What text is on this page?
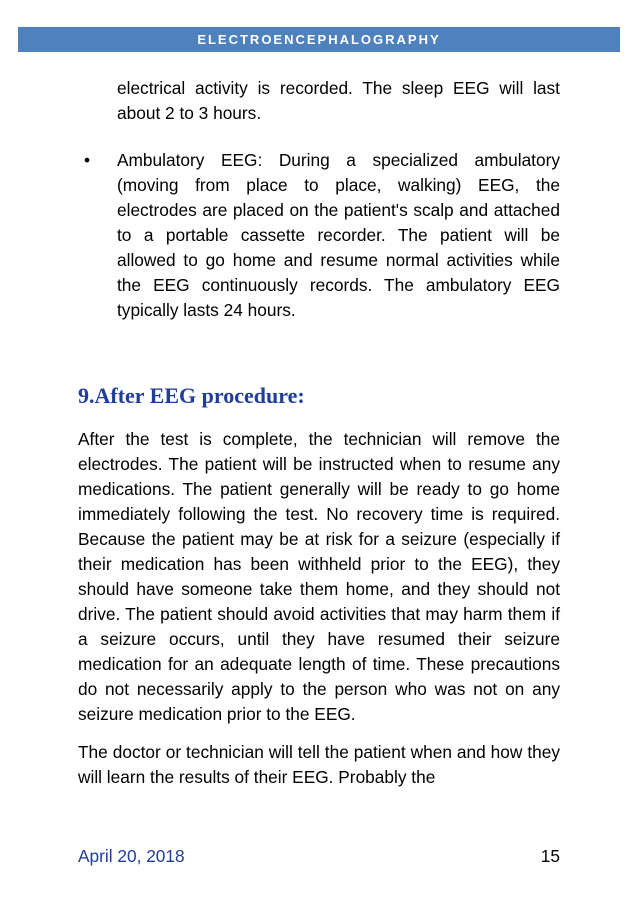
ELECTROENCEPHALOGRAPHY

electrical activity is recorded. The sleep EEG will last about 2 to 3 hours.

• Ambulatory EEG: During a specialized ambulatory (moving from place to place, walking) EEG, the electrodes are placed on the patient's scalp and attached to a portable cassette recorder. The patient will be allowed to go home and resume normal activities while the EEG continuously records. The ambulatory EEG typically lasts 24 hours.

9.After EEG procedure:

After the test is complete, the technician will remove the electrodes. The patient will be instructed when to resume any medications. The patient generally will be ready to go home immediately following the test. No recovery time is required. Because the patient may be at risk for a seizure (especially if their medication has been withheld prior to the EEG), they should have someone take them home, and they should not drive. The patient should avoid activities that may harm them if a seizure occurs, until they have resumed their seizure medication for an adequate length of time. These precautions do not necessarily apply to the person who was not on any seizure medication prior to the EEG.

The doctor or technician will tell the patient when and how they will learn the results of their EEG. Probably the

April 20, 2018	15
